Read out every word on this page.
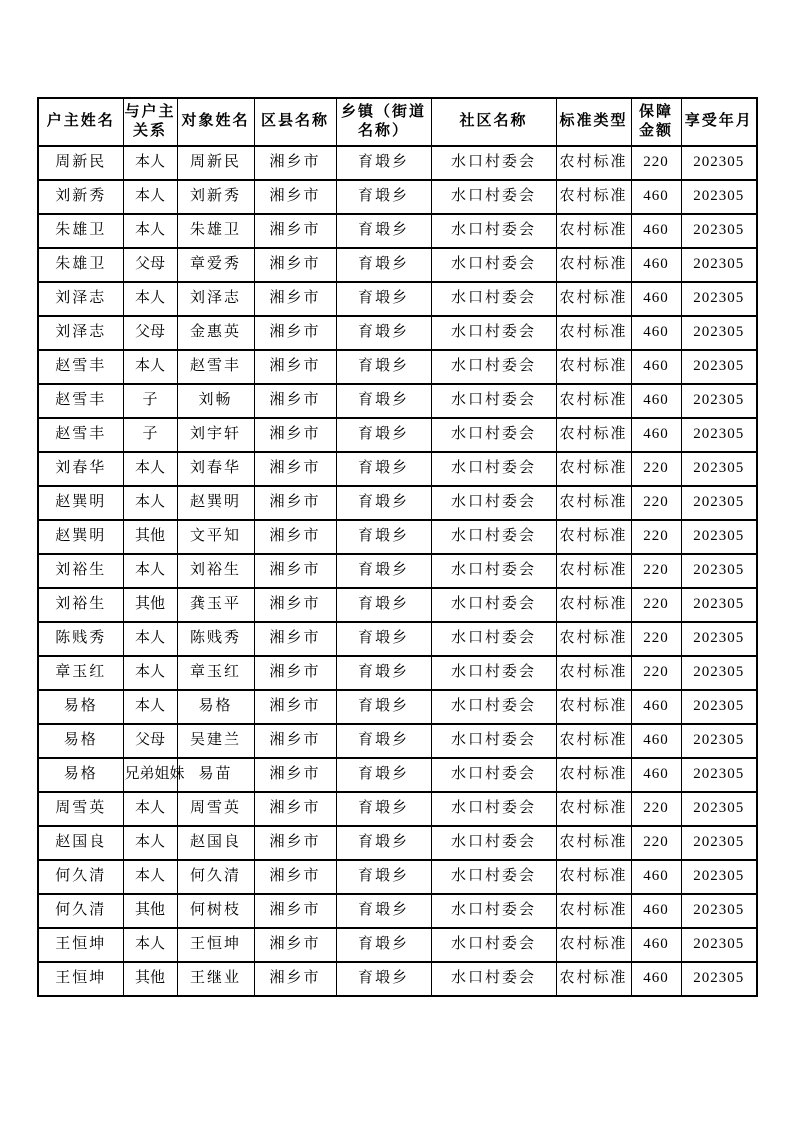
户主姓名	与户主关系	对象姓名	区县名称	乡镇（街道名称）	社区名称	标准类型	保障金额	享受年月
周新民	本人	周新民	湘乡市	育塅乡	水口村委会	农村标准	220	202305
刘新秀	本人	刘新秀	湘乡市	育塅乡	水口村委会	农村标准	460	202305
朱雄卫	本人	朱雄卫	湘乡市	育塅乡	水口村委会	农村标准	460	202305
朱雄卫	父母	章爱秀	湘乡市	育塅乡	水口村委会	农村标准	460	202305
刘泽志	本人	刘泽志	湘乡市	育塅乡	水口村委会	农村标准	460	202305
刘泽志	父母	金惠英	湘乡市	育塅乡	水口村委会	农村标准	460	202305
赵雪丰	本人	赵雪丰	湘乡市	育塅乡	水口村委会	农村标准	460	202305
赵雪丰	子	刘畅	湘乡市	育塅乡	水口村委会	农村标准	460	202305
赵雪丰	子	刘宇轩	湘乡市	育塅乡	水口村委会	农村标准	460	202305
刘春华	本人	刘春华	湘乡市	育塅乡	水口村委会	农村标准	220	202305
赵巽明	本人	赵巽明	湘乡市	育塅乡	水口村委会	农村标准	220	202305
赵巽明	其他	文平知	湘乡市	育塅乡	水口村委会	农村标准	220	202305
刘裕生	本人	刘裕生	湘乡市	育塅乡	水口村委会	农村标准	220	202305
刘裕生	其他	龚玉平	湘乡市	育塅乡	水口村委会	农村标准	220	202305
陈贱秀	本人	陈贱秀	湘乡市	育塅乡	水口村委会	农村标准	220	202305
章玉红	本人	章玉红	湘乡市	育塅乡	水口村委会	农村标准	220	202305
易格	本人	易格	湘乡市	育塅乡	水口村委会	农村标准	460	202305
易格	父母	吴建兰	湘乡市	育塅乡	水口村委会	农村标准	460	202305
易格	兄弟姐妹	易苗	湘乡市	育塅乡	水口村委会	农村标准	460	202305
周雪英	本人	周雪英	湘乡市	育塅乡	水口村委会	农村标准	220	202305
赵国良	本人	赵国良	湘乡市	育塅乡	水口村委会	农村标准	220	202305
何久清	本人	何久清	湘乡市	育塅乡	水口村委会	农村标准	460	202305
何久清	其他	何树枝	湘乡市	育塅乡	水口村委会	农村标准	460	202305
王恒坤	本人	王恒坤	湘乡市	育塅乡	水口村委会	农村标准	460	202305
王恒坤	其他	王继业	湘乡市	育塅乡	水口村委会	农村标准	460	202305
